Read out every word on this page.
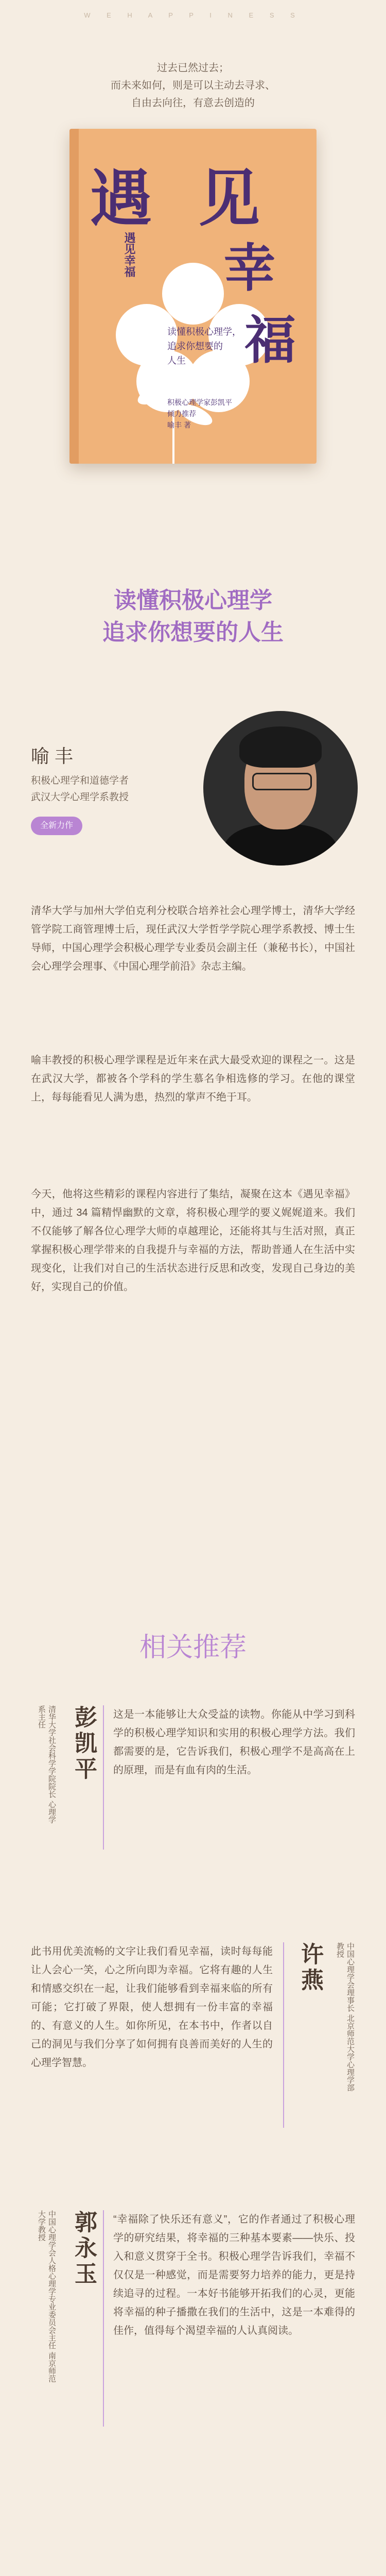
W E H A P P I N E S S
过去已然过去；
而未来如何，则是可以主动去寻求、
自由去向往，有意去创造的
遇 见
幸
福
遇见幸福
读懂积极心理学，
追求你想要的
人生
积极心理学家彭凯平
倾力推荐
喻丰 著
读懂积极心理学
追求你想要的人生
喻 丰
积极心理学和道德学者
武汉大学心理学系教授
全新力作
清华大学与加州大学伯克利分校联合培养社会心理学博士，清华大学经管学院工商管理博士后，现任武汉大学哲学学院心理学系教授、博士生导师，中国心理学会积极心理学专业委员会副主任（兼秘书长），中国社会心理学会理事、《中国心理学前沿》杂志主编。
喻丰教授的积极心理学课程是近年来在武大最受欢迎的课程之一。这是在武汉大学，都被各个学科的学生慕名争相选修的学习。在他的课堂上，每每能看见人满为患，热烈的掌声不绝于耳。
今天，他将这些精彩的课程内容进行了集结，凝聚在这本《遇见幸福》中，通过 34 篇精悍幽默的文章，将积极心理学的要义娓娓道来。我们不仅能够了解各位心理学大师的卓越理论，还能将其与生活对照，真正掌握积极心理学带来的自我提升与幸福的方法，帮助普通人在生活中实现变化，让我们对自己的生活状态进行反思和改变，发现自己身边的美好，实现自己的价值。
相关推荐
清华大学社会科学学院院长 心理学系主任	彭凯平	这是一本能够让大众受益的读物。你能从中学习到科学的积极心理学知识和实用的积极心理学方法。我们都需要的是，它告诉我们，积极心理学不是高高在上的原理，而是有血有肉的生活。
此书用优美流畅的文字让我们看见幸福，读时每每能让人会心一笑，心之所向即为幸福。它将有趣的人生和情感交织在一起，让我们能够看到幸福来临的所有可能；它打破了界限，使人想拥有一份丰富的幸福的、有意义的人生。如你所见，在本书中，作者以自己的洞见与我们分享了如何拥有良善而美好的人生的心理学智慧。
许燕	中国心理学会理事长 北京师范大学心理学部教授
中国心理学会人格心理学专业委员会主任 南京师范大学教授	郭永玉	“幸福除了快乐还有意义”，它的作者通过了积极心理学的研究结果，将幸福的三种基本要素——快乐、投入和意义贯穿于全书。积极心理学告诉我们，幸福不仅仅是一种感觉，而是需要努力培养的能力，更是持续追寻的过程。一本好书能够开拓我们的心灵，更能将幸福的种子播撒在我们的生活中，这是一本难得的佳作，值得每个渴望幸福的人认真阅读。
